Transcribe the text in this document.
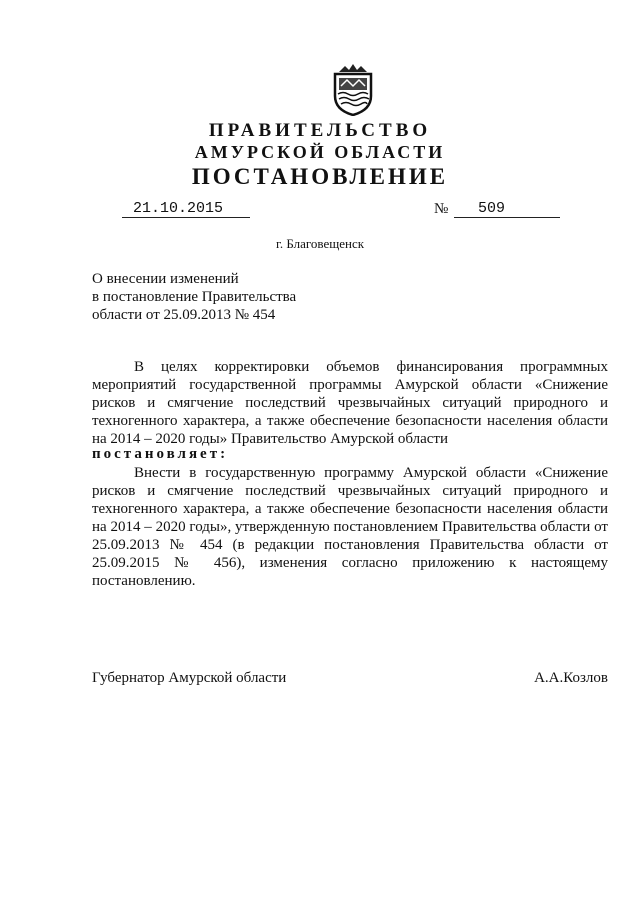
ПРАВИТЕЛЬСТВО
АМУРСКОЙ ОБЛАСТИ
ПОСТАНОВЛЕНИЕ
21.10.2015	№ 509
г. Благовещенск
О внесении изменений
в постановление Правительства
области от 25.09.2013 № 454
В целях корректировки объемов финансирования программных мероприятий государственной программы Амурской области «Снижение рисков и смягчение последствий чрезвычайных ситуаций природного и техногенного характера, а также обеспечение безопасности населения области на 2014 – 2020 годы» Правительство Амурской области
постановляет:
Внести в государственную программу Амурской области «Снижение рисков и смягчение последствий чрезвычайных ситуаций природного и техногенного характера, а также обеспечение безопасности населения области на 2014 – 2020 годы», утвержденную постановлением Правительства области от 25.09.2013 № 454 (в редакции постановления Правительства области от 25.09.2015 № 456), изменения согласно приложению к настоящему постановлению.
Губернатор Амурской области	А.А.Козлов
